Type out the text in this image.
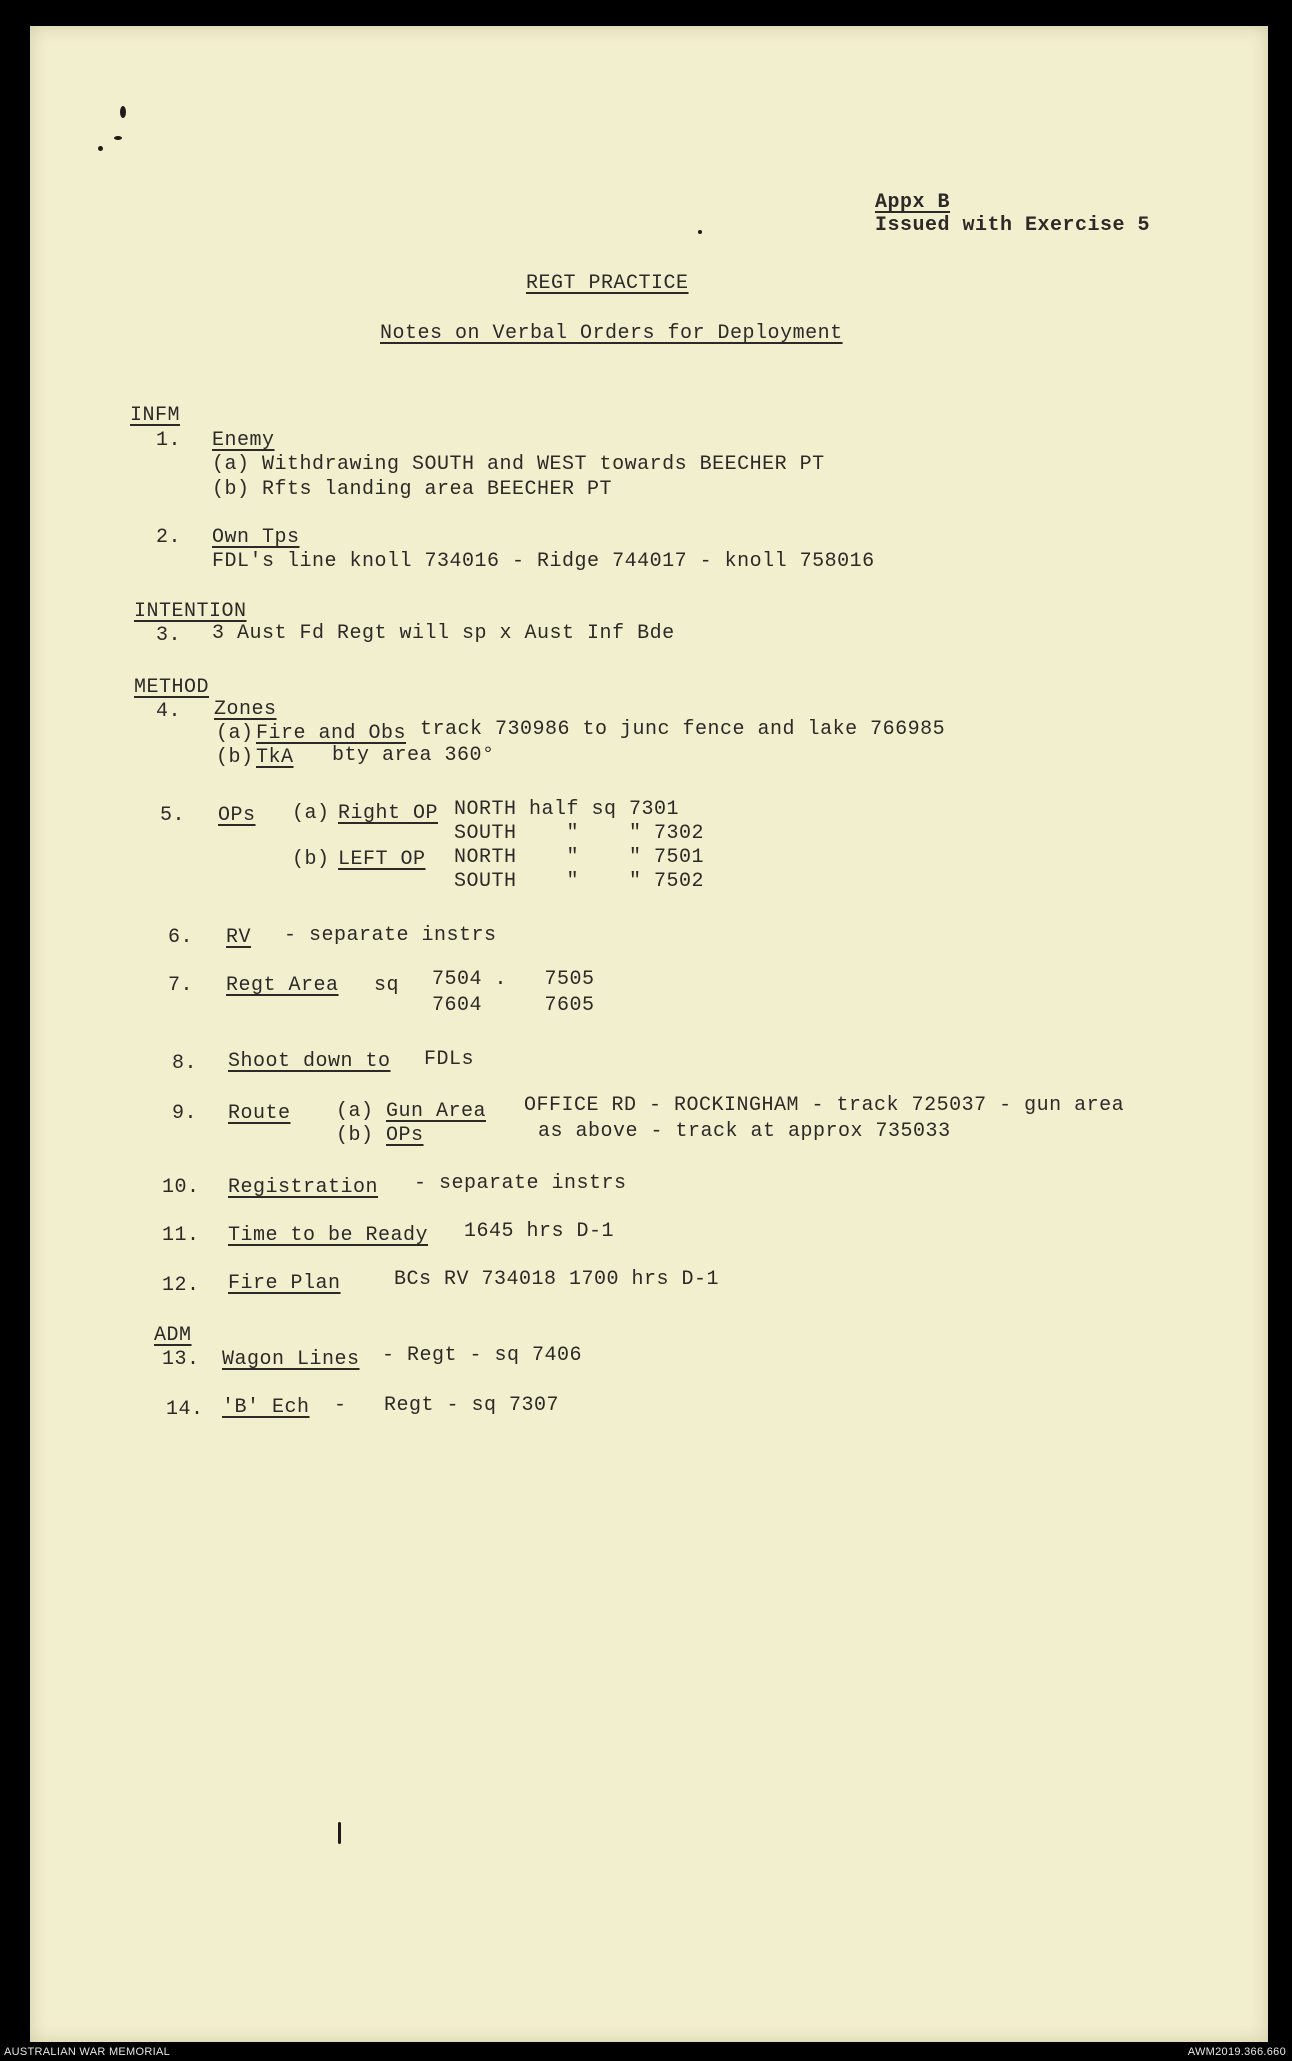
Appx B
Issued with Exercise 5
REGT PRACTICE
Notes on Verbal Orders for Deployment
INFM
1. Enemy
(a) Withdrawing SOUTH and WEST towards BEECHER PT
(b) Rfts landing area BEECHER PT
2. Own Tps
FDL's line knoll 734016 - Ridge 744017 - knoll 758016
INTENTION
3. 3 Aust Fd Regt will sp x Aust Inf Bde
METHOD
4. Zones
(a) Fire and Obs track 730986 to junc fence and lake 766985
(b) TkA bty area 360°
5. OPs (a) Right OP NORTH half sq 7301
SOUTH    "    " 7302
(b) LEFT OP NORTH    "    " 7501
SOUTH    "    " 7502
6. RV - separate instrs
7. Regt Area sq 7504 .   7505
7604     7605
8. Shoot down to FDLs
9. Route (a) Gun Area OFFICE RD - ROCKINGHAM - track 725037 - gun area
(b) OPs	as above - track at approx 735033
10. Registration - separate instrs
11. Time to be Ready 1645 hrs D-1
12. Fire Plan	BCs RV 734018 1700 hrs D-1
ADM
13. Wagon Lines - Regt - sq 7406
14. 'B' Ech -   Regt - sq 7307
AUSTRALIAN WAR MEMORIAL	AWM2019.366.660
